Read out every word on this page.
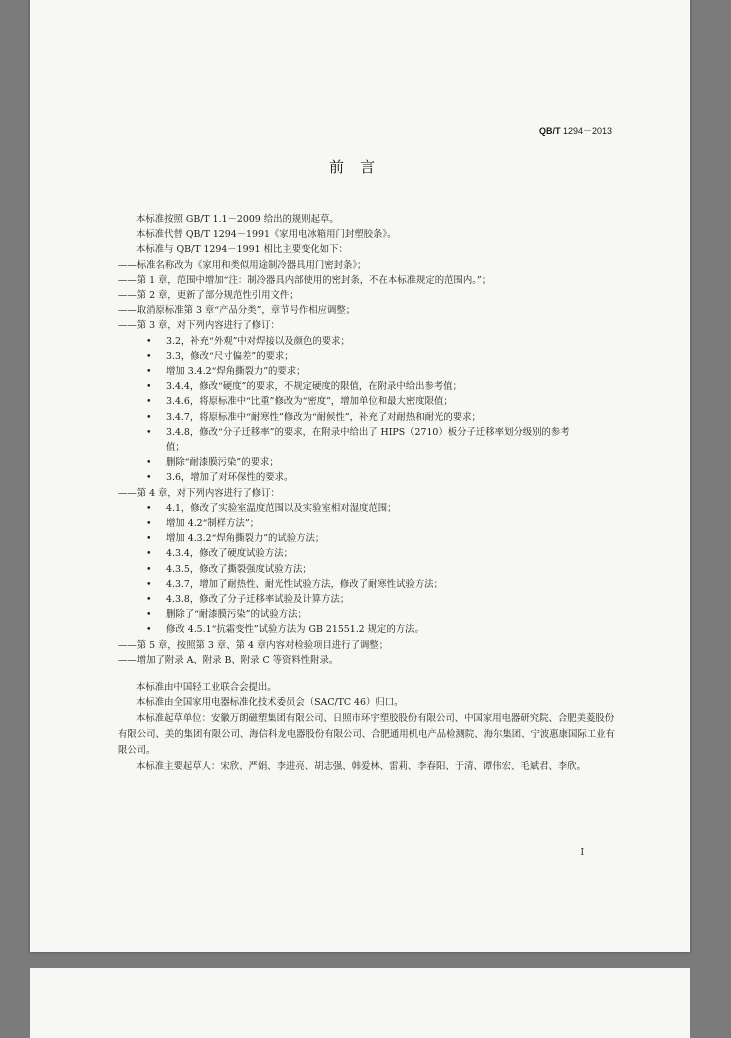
QB/T 1294－2013
前言

本标准按照 GB/T 1.1－2009 给出的规则起草。

本标准代替 QB/T 1294－1991《家用电冰箱用门封塑胶条》。

本标准与 QB/T 1294－1991 相比主要变化如下：

——标准名称改为《家用和类似用途制冷器具用门密封条》；

——第 1 章，范围中增加“注：制冷器具内部使用的密封条，不在本标准规定的范围内。”；

——第 2 章，更新了部分规范性引用文件；

——取消原标准第 3 章“产品分类”，章节号作相应调整；

——第 3 章，对下列内容进行了修订：

• 3.2，补充“外观”中对焊接以及颜色的要求；
• 3.3，修改“尺寸偏差”的要求；
• 增加 3.4.2“焊角撕裂力”的要求；
• 3.4.4，修改“硬度”的要求，不规定硬度的限值，在附录中给出参考值；
• 3.4.6，将原标准中“比重”修改为“密度”，增加单位和最大密度限值；
• 3.4.7，将原标准中“耐寒性”修改为“耐候性”，补充了对耐热和耐光的要求；
• 3.4.8，修改“分子迁移率”的要求，在附录中给出了 HIPS（2710）板分子迁移率划分级别的参考值；
• 删除“耐漆膜污染”的要求；
• 3.6，增加了对环保性的要求。

——第 4 章，对下列内容进行了修订：

• 4.1，修改了实验室温度范围以及实验室相对湿度范围；
• 增加 4.2“制样方法”；
• 增加 4.3.2“焊角撕裂力”的试验方法；
• 4.3.4，修改了硬度试验方法；
• 4.3.5，修改了撕裂强度试验方法；
• 4.3.7，增加了耐热性、耐光性试验方法，修改了耐寒性试验方法；
• 4.3.8，修改了分子迁移率试验及计算方法；
• 删除了“耐漆膜污染”的试验方法；
• 修改 4.5.1“抗霜变性”试验方法为 GB 21551.2 规定的方法。

——第 5 章，按照第 3 章、第 4 章内容对检验项目进行了调整；

——增加了附录 A、附录 B、附录 C 等资料性附录。

本标准由中国轻工业联合会提出。

本标准由全国家用电器标准化技术委员会（SAC/TC 46）归口。

本标准起草单位：安徽万朗磁塑集团有限公司、日照市环宇塑胶股份有限公司、中国家用电器研究院、合肥美菱股份有限公司、美的集团有限公司、海信科龙电器股份有限公司、合肥通用机电产品检测院、海尔集团、宁波惠康国际工业有限公司。

本标准主要起草人：宋欣、严娟、李进亮、胡志强、韩爱林、雷莉、李春阳、于清、谭伟宏、毛斌君、李欣。

I
